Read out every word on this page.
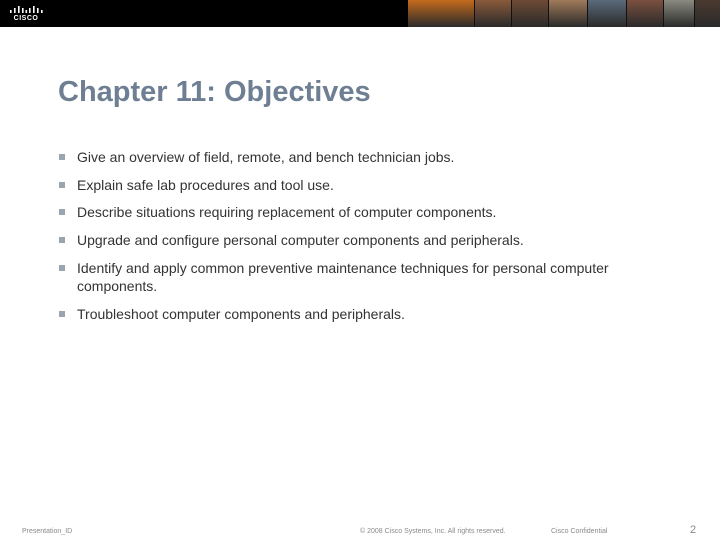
CISCO
Chapter 11: Objectives
Give an overview of field, remote, and bench technician jobs.
Explain safe lab procedures and tool use.
Describe situations requiring replacement of computer components.
Upgrade and configure personal computer components and peripherals.
Identify and apply common preventive maintenance techniques for personal computer components.
Troubleshoot computer components and peripherals.
Presentation_ID	© 2008 Cisco Systems, Inc. All rights reserved.	Cisco Confidential	2
